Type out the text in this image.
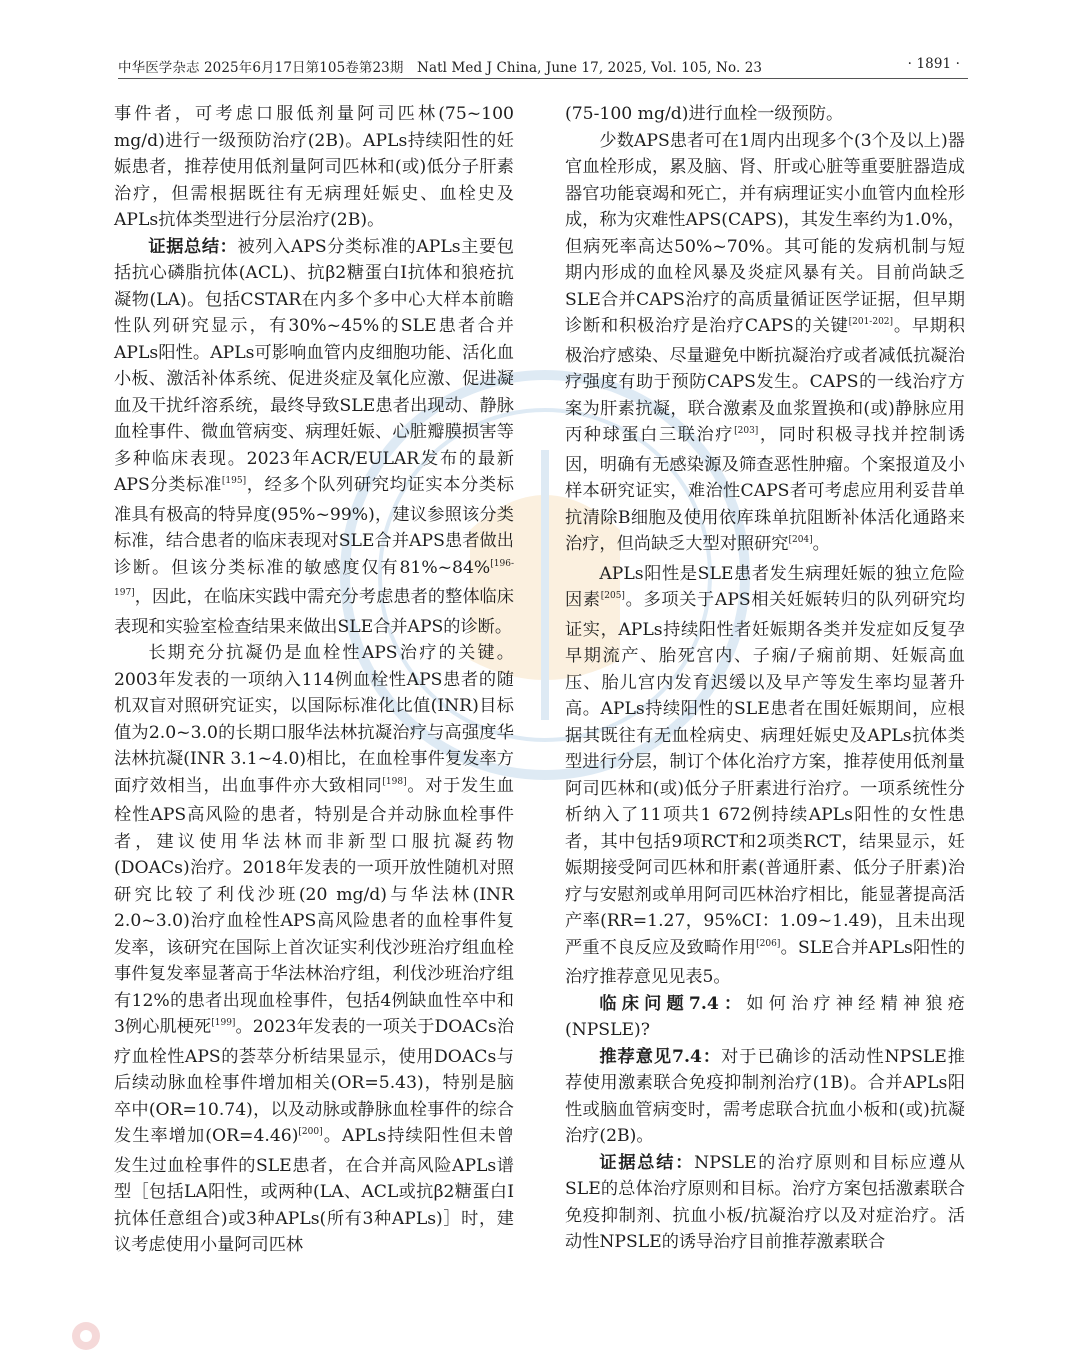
中华医学杂志 2025年6月17日第105卷第23期　Natl Med J China, June 17, 2025, Vol. 105, No. 23	· 1891 ·

事件者，可考虑口服低剂量阿司匹林(75~100 mg/d)进行一级预防治疗(2B)。APLs持续阳性的妊娠患者，推荐使用低剂量阿司匹林和(或)低分子肝素治疗，但需根据既往有无病理妊娠史、血栓史及APLs抗体类型进行分层治疗(2B)。

证据总结：被列入APS分类标准的APLs主要包括抗心磷脂抗体(ACL)、抗β2糖蛋白Ⅰ抗体和狼疮抗凝物(LA)。包括CSTAR在内多个多中心大样本前瞻性队列研究显示，有30%~45%的SLE患者合并APLs阳性。APLs可影响血管内皮细胞功能、活化血小板、激活补体系统、促进炎症及氧化应激、促进凝血及干扰纤溶系统，最终导致SLE患者出现动、静脉血栓事件、微血管病变、病理妊娠、心脏瓣膜损害等多种临床表现。2023年ACR/EULAR发布的最新APS分类标准[195]，经多个队列研究均证实本分类标准具有极高的特异度(95%~99%)，建议参照该分类标准，结合患者的临床表现对SLE合并APS患者做出诊断。但该分类标准的敏感度仅有81%~84%[196-197]，因此，在临床实践中需充分考虑患者的整体临床表现和实验室检查结果来做出SLE合并APS的诊断。

长期充分抗凝仍是血栓性APS治疗的关键。2003年发表的一项纳入114例血栓性APS患者的随机双盲对照研究证实，以国际标准化比值(INR)目标值为2.0~3.0的长期口服华法林抗凝治疗与高强度华法林抗凝(INR 3.1~4.0)相比，在血栓事件复发率方面疗效相当，出血事件亦大致相同[198]。对于发生血栓性APS高风险的患者，特别是合并动脉血栓事件者，建议使用华法林而非新型口服抗凝药物(DOACs)治疗。2018年发表的一项开放性随机对照研究比较了利伐沙班(20 mg/d)与华法林(INR 2.0~3.0)治疗血栓性APS高风险患者的血栓事件复发率，该研究在国际上首次证实利伐沙班治疗组血栓事件复发率显著高于华法林治疗组，利伐沙班治疗组有12%的患者出现血栓事件，包括4例缺血性卒中和3例心肌梗死[199]。2023年发表的一项关于DOACs治疗血栓性APS的荟萃分析结果显示，使用DOACs与后续动脉血栓事件增加相关(OR=5.43)，特别是脑卒中(OR=10.74)，以及动脉或静脉血栓事件的综合发生率增加(OR=4.46)[200]。APLs持续阳性但未曾发生过血栓事件的SLE患者，在合并高风险APLs谱型［包括LA阳性，或两种(LA、ACL或抗β2糖蛋白Ⅰ抗体任意组合)或3种APLs(所有3种APLs)］时，建议考虑使用小量阿司匹林

(75-100 mg/d)进行血栓一级预防。

少数APS患者可在1周内出现多个(3个及以上)器官血栓形成，累及脑、肾、肝或心脏等重要脏器造成器官功能衰竭和死亡，并有病理证实小血管内血栓形成，称为灾难性APS(CAPS)，其发生率约为1.0%，但病死率高达50%~70%。其可能的发病机制与短期内形成的血栓风暴及炎症风暴有关。目前尚缺乏SLE合并CAPS治疗的高质量循证医学证据，但早期诊断和积极治疗是治疗CAPS的关键[201-202]。早期积极治疗感染、尽量避免中断抗凝治疗或者减低抗凝治疗强度有助于预防CAPS发生。CAPS的一线治疗方案为肝素抗凝，联合激素及血浆置换和(或)静脉应用丙种球蛋白三联治疗[203]，同时积极寻找并控制诱因，明确有无感染源及筛查恶性肿瘤。个案报道及小样本研究证实，难治性CAPS者可考虑应用利妥昔单抗清除B细胞及使用依库珠单抗阻断补体活化通路来治疗，但尚缺乏大型对照研究[204]。

APLs阳性是SLE患者发生病理妊娠的独立危险因素[205]。多项关于APS相关妊娠转归的队列研究均证实，APLs持续阳性者妊娠期各类并发症如反复孕早期流产、胎死宫内、子痫/子痫前期、妊娠高血压、胎儿宫内发育迟缓以及早产等发生率均显著升高。APLs持续阳性的SLE患者在围妊娠期间，应根据其既往有无血栓病史、病理妊娠史及APLs抗体类型进行分层，制订个体化治疗方案，推荐使用低剂量阿司匹林和(或)低分子肝素进行治疗。一项系统性分析纳入了11项共1 672例持续APLs阳性的女性患者，其中包括9项RCT和2项类RCT，结果显示，妊娠期接受阿司匹林和肝素(普通肝素、低分子肝素)治疗与安慰剂或单用阿司匹林治疗相比，能显著提高活产率(RR=1.27，95%CI：1.09~1.49)，且未出现严重不良反应及致畸作用[206]。SLE合并APLs阳性的治疗推荐意见见表5。

临床问题7.4：如何治疗神经精神狼疮(NPSLE)?

推荐意见7.4：对于已确诊的活动性NPSLE推荐使用激素联合免疫抑制剂治疗(1B)。合并APLs阳性或脑血管病变时，需考虑联合抗血小板和(或)抗凝治疗(2B)。

证据总结：NPSLE的治疗原则和目标应遵从SLE的总体治疗原则和目标。治疗方案包括激素联合免疫抑制剂、抗血小板/抗凝治疗以及对症治疗。活动性NPSLE的诱导治疗目前推荐激素联合
